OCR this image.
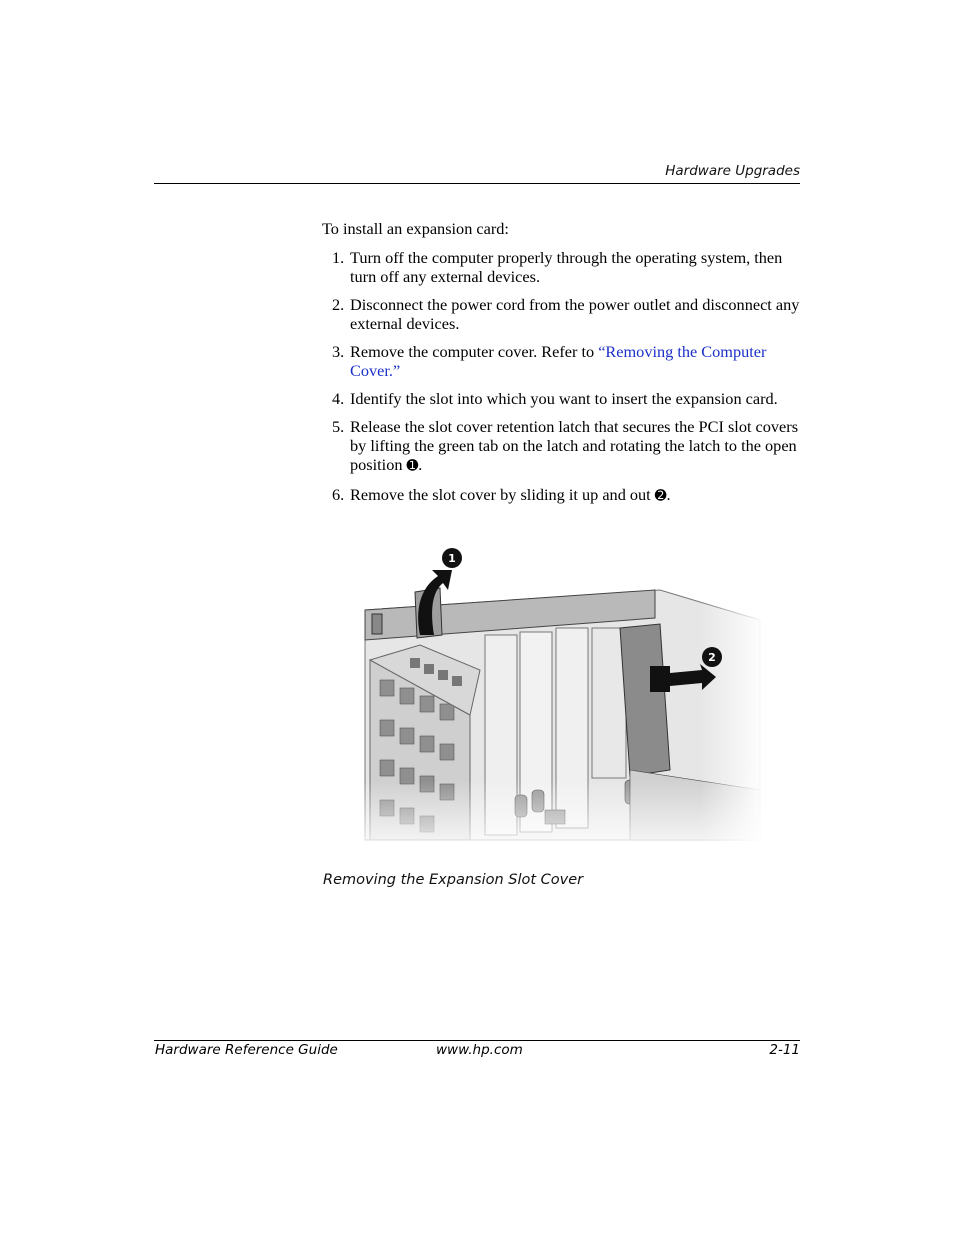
Hardware Upgrades

To install an expansion card:

1. Turn off the computer properly through the operating system, then turn off any external devices.
2. Disconnect the power cord from the power outlet and disconnect any external devices.
3. Remove the computer cover. Refer to “Removing the Computer Cover.”
4. Identify the slot into which you want to insert the expansion card.
5. Release the slot cover retention latch that secures the PCI slot covers by lifting the green tab on the latch and rotating the latch to the open position ➊.
6. Remove the slot cover by sliding it up and out ➋.
1
2
Removing the Expansion Slot Cover
Hardware Reference Guide	www.hp.com	2-11
